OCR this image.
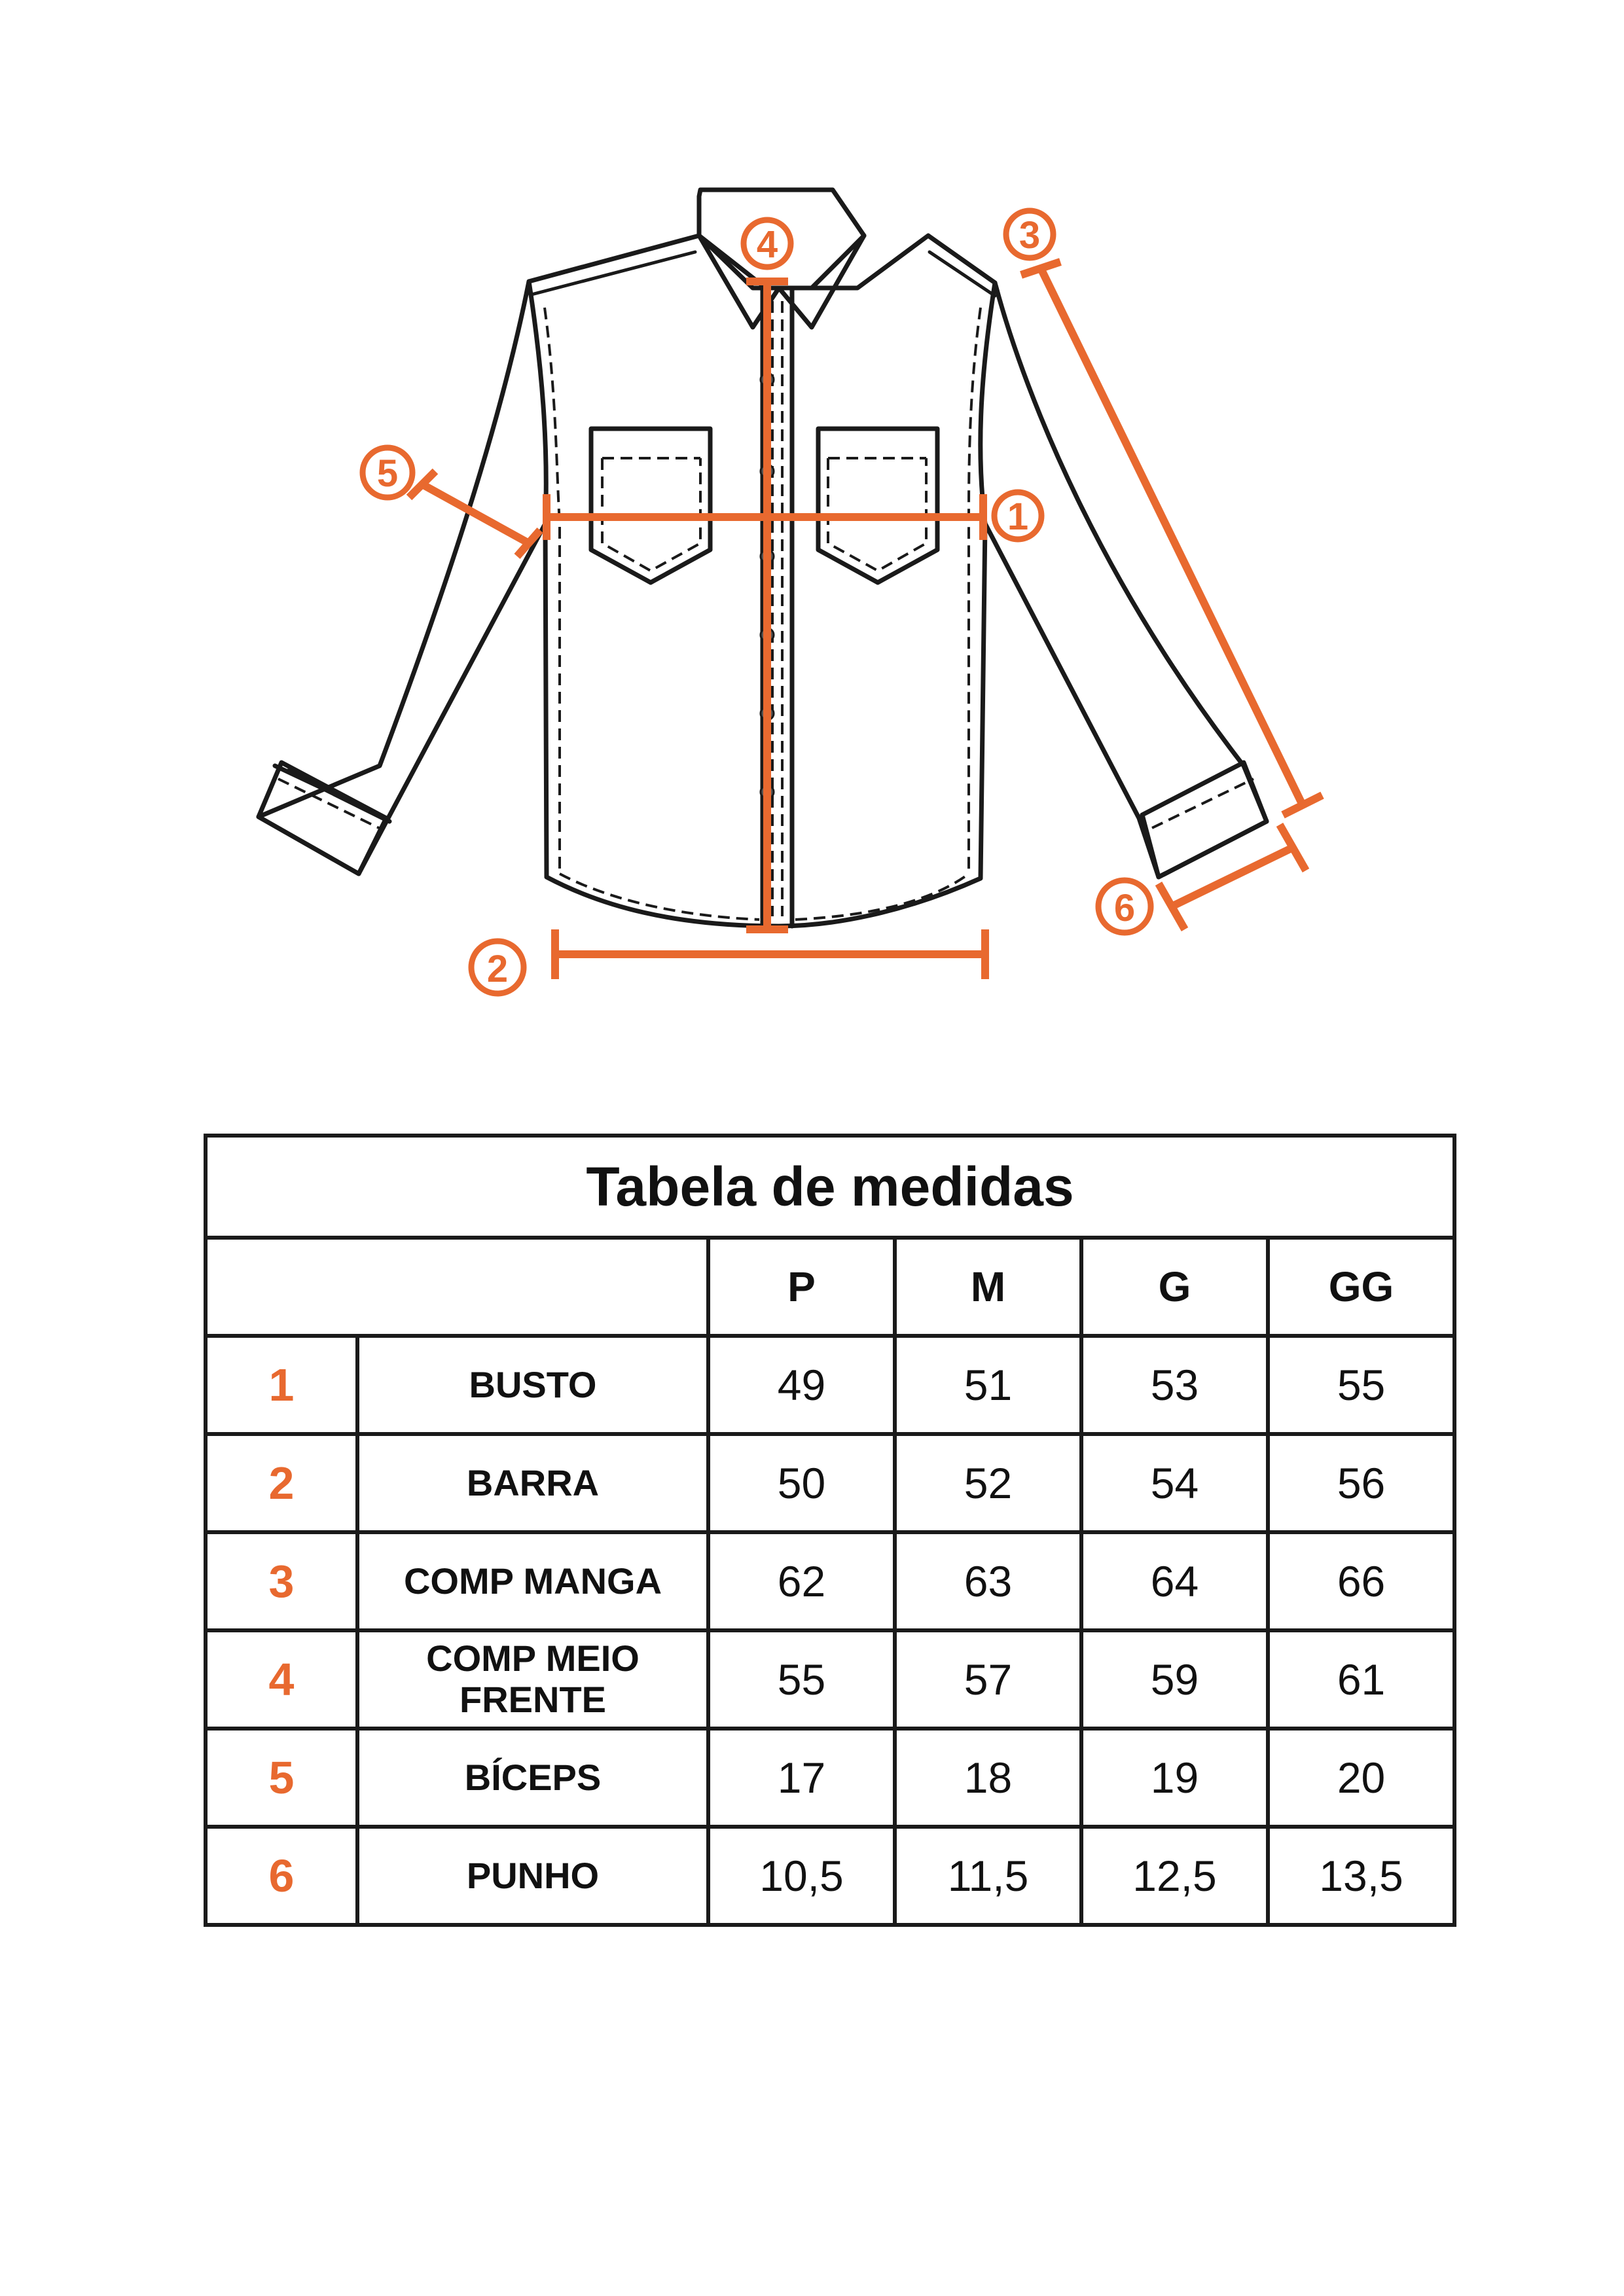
1
2
3
4
5
6
Tabela de medidas					
		P	M	G	GG
1	BUSTO	49	51	53	55
2	BARRA	50	52	54	56
3	COMP MANGA	62	63	64	66
4	COMP MEIO FRENTE	55	57	59	61
5	BÍCEPS	17	18	19	20
6	PUNHO	10,5	11,5	12,5	13,5
